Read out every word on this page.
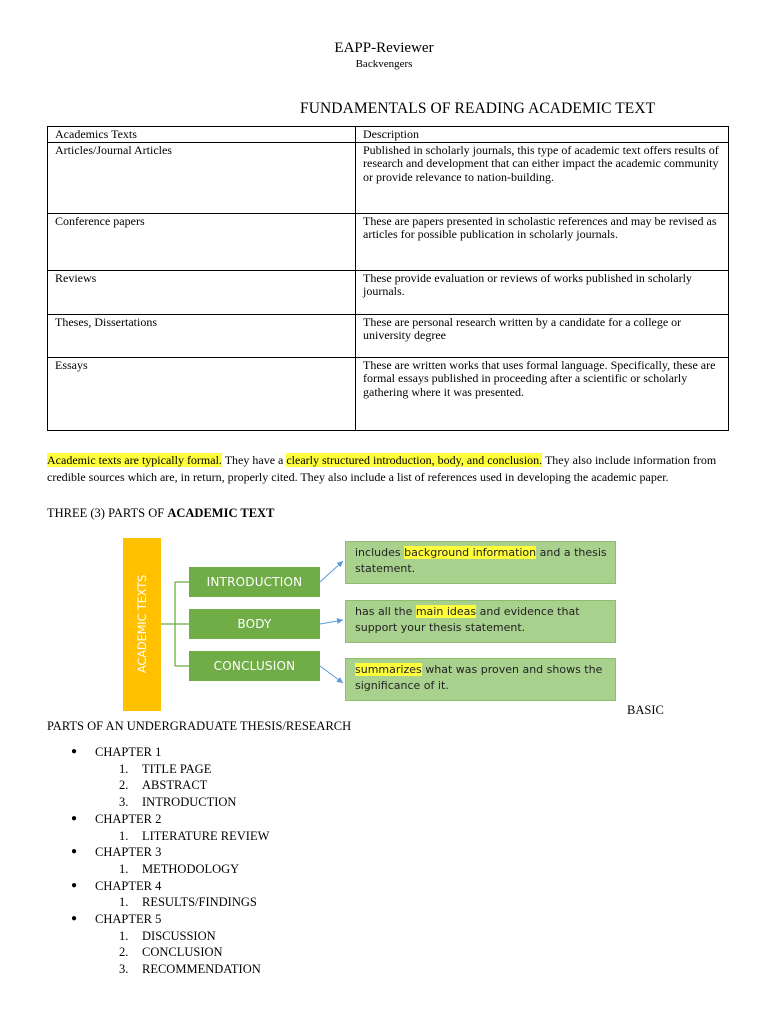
EAPP-Reviewer
Backvengers
FUNDAMENTALS OF READING ACADEMIC TEXT
Academics Texts	Description
Articles/Journal Articles	Published in scholarly journals, this type of academic text offers results of research and development that can either impact the academic community or provide relevance to nation-building.
Conference papers	These are papers presented in scholastic references and may be revised as articles for possible publication in scholarly journals.
Reviews	These provide evaluation or reviews of works published in scholarly journals.
Theses, Dissertations	These are personal research written by a candidate for a college or university degree
Essays	These are written works that uses formal language. Specifically, these are formal essays published in proceeding after a scientific or scholarly gathering where it was presented.
Academic texts are typically formal. They have a clearly structured introduction, body, and conclusion. They also include information from credible sources which are, in return, properly cited. They also include a list of references used in developing the academic paper.
THREE (3) PARTS OF ACADEMIC TEXT
ACADEMIC TEXTS	INTRODUCTION
BODY
CONCLUSION
includes background information and a thesis statement.
has all the main ideas and evidence that support your thesis statement.
summarizes what was proven and shows the significance of it.
BASIC
PARTS OF AN UNDERGRADUATE THESIS/RESEARCH
● CHAPTER 1
1. TITLE PAGE
2. ABSTRACT
3. INTRODUCTION
● CHAPTER 2
1. LITERATURE REVIEW
● CHAPTER 3
1. METHODOLOGY
● CHAPTER 4
1. RESULTS/FINDINGS
● CHAPTER 5
1. DISCUSSION
2. CONCLUSION
3. RECOMMENDATION
